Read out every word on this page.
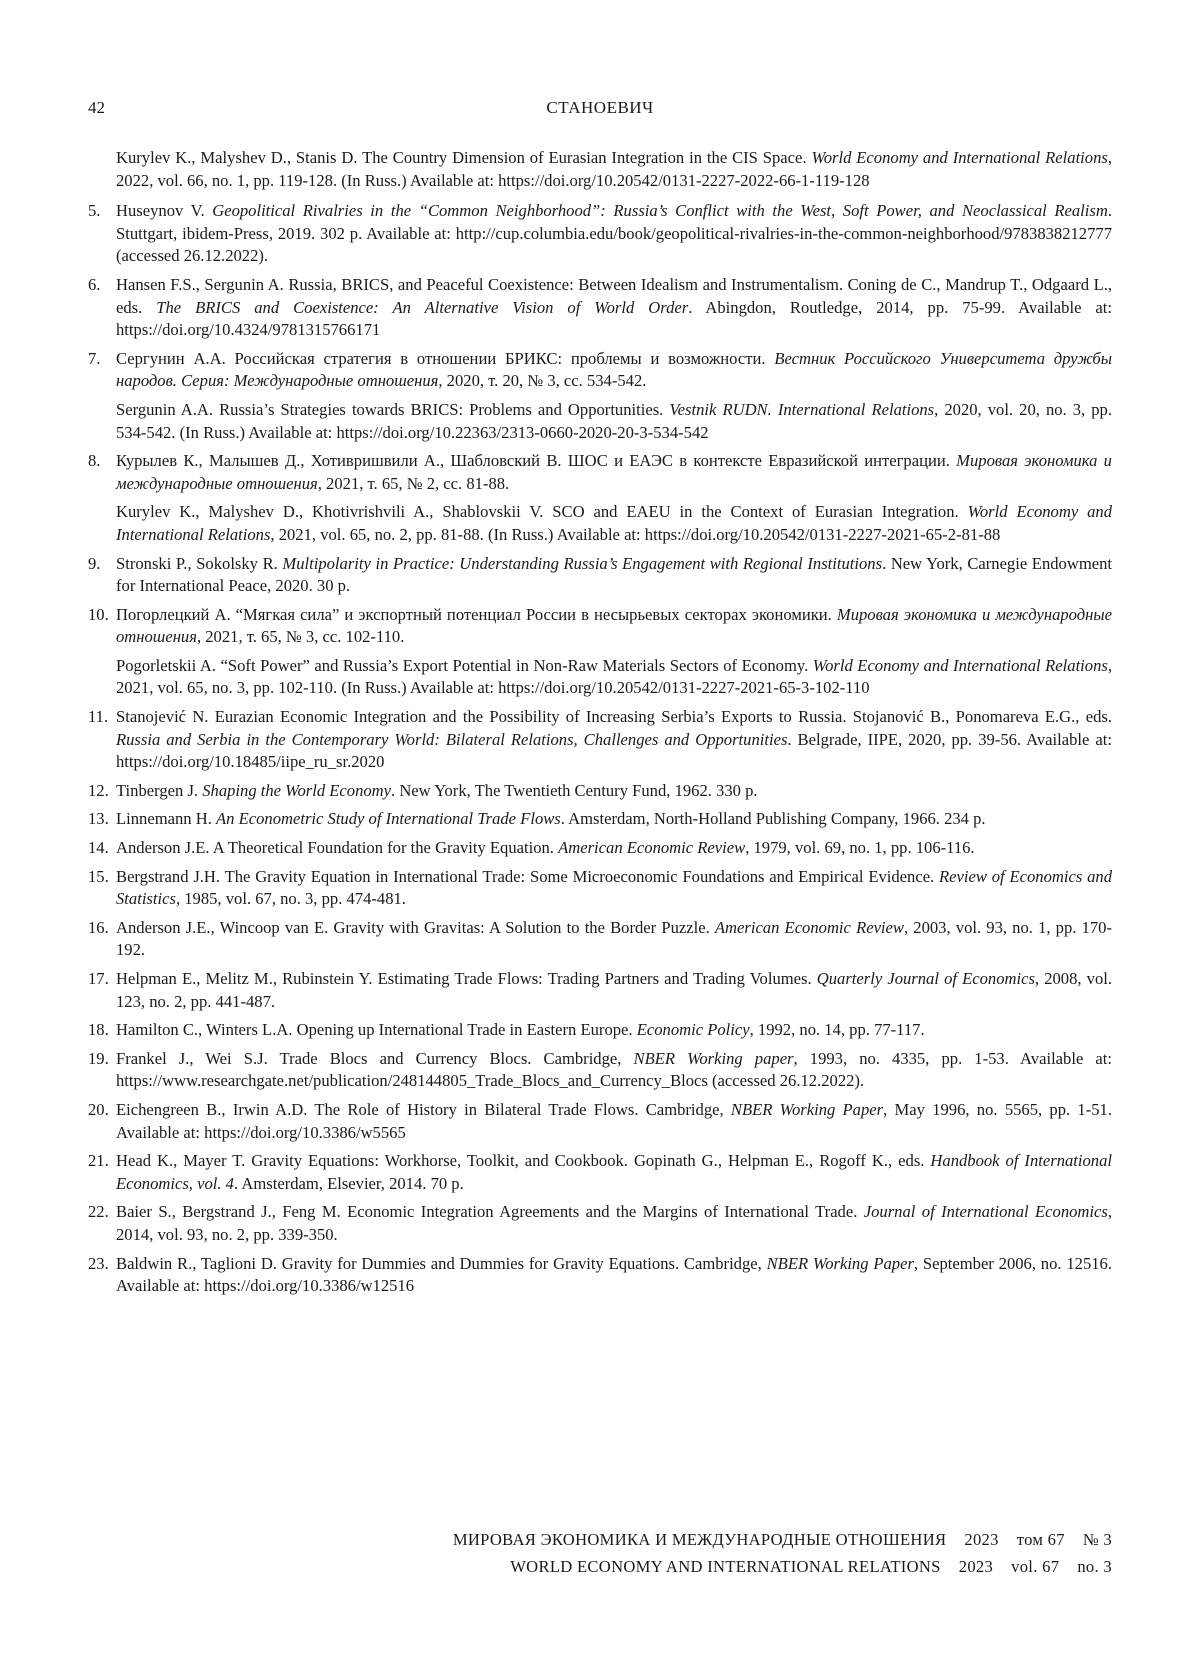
42	СТАНОЕВИЧ

Kurylev K., Malyshev D., Stanis D. The Country Dimension of Eurasian Integration in the CIS Space. World Economy and International Relations, 2022, vol. 66, no. 1, pp. 119-128. (In Russ.) Available at: https://doi.org/10.20542/0131-2227-2022-66-1-119-128

5. Huseynov V. Geopolitical Rivalries in the “Common Neighborhood”: Russia’s Conflict with the West, Soft Power, and Neoclassical Realism. Stuttgart, ibidem-Press, 2019. 302 p. Available at: http://cup.columbia.edu/book/geopolitical-rivalries-in-the-common-neighborhood/9783838212777 (accessed 26.12.2022).

6. Hansen F.S., Sergunin A. Russia, BRICS, and Peaceful Coexistence: Between Idealism and Instrumentalism. Coning de C., Mandrup T., Odgaard L., eds. The BRICS and Coexistence: An Alternative Vision of World Order. Abingdon, Routledge, 2014, pp. 75-99. Available at: https://doi.org/10.4324/9781315766171

7. Сергунин А.А. Российская стратегия в отношении БРИКС: проблемы и возможности. Вестник Российского Университета дружбы народов. Серия: Международные отношения, 2020, т. 20, № 3, сс. 534-542.

Sergunin A.A. Russia’s Strategies towards BRICS: Problems and Opportunities. Vestnik RUDN. International Relations, 2020, vol. 20, no. 3, pp. 534-542. (In Russ.) Available at: https://doi.org/10.22363/2313-0660-2020-20-3-534-542

8. Курылев К., Малышев Д., Хотивришвили А., Шабловский В. ШОС и ЕАЭС в контексте Евразийской интеграции. Мировая экономика и международные отношения, 2021, т. 65, № 2, сс. 81-88.

Kurylev K., Malyshev D., Khotivrishvili A., Shablovskii V. SCO and EAEU in the Context of Eurasian Integration. World Economy and International Relations, 2021, vol. 65, no. 2, pp. 81-88. (In Russ.) Available at: https://doi.org/10.20542/0131-2227-2021-65-2-81-88

9. Stronski P., Sokolsky R. Multipolarity in Practice: Understanding Russia’s Engagement with Regional Institutions. New York, Carnegie Endowment for International Peace, 2020. 30 p.

10. Погорлецкий А. “Мягкая сила” и экспортный потенциал России в несырьевых секторах экономики. Мировая экономика и международные отношения, 2021, т. 65, № 3, сс. 102-110.

Pogorletskii A. “Soft Power” and Russia’s Export Potential in Non-Raw Materials Sectors of Economy. World Economy and International Relations, 2021, vol. 65, no. 3, pp. 102-110. (In Russ.) Available at: https://doi.org/10.20542/0131-2227-2021-65-3-102-110

11. Stanojević N. Eurazian Economic Integration and the Possibility of Increasing Serbia’s Exports to Russia. Stojanović B., Ponomareva E.G., eds. Russia and Serbia in the Contemporary World: Bilateral Relations, Challenges and Opportunities. Belgrade, IIPE, 2020, pp. 39-56. Available at: https://doi.org/10.18485/iipe_ru_sr.2020

12. Tinbergen J. Shaping the World Economy. New York, The Twentieth Century Fund, 1962. 330 p.

13. Linnemann H. An Econometric Study of International Trade Flows. Amsterdam, North-Holland Publishing Company, 1966. 234 p.

14. Anderson J.E. A Theoretical Foundation for the Gravity Equation. American Economic Review, 1979, vol. 69, no. 1, pp. 106-116.

15. Bergstrand J.H. The Gravity Equation in International Trade: Some Microeconomic Foundations and Empirical Evidence. Review of Economics and Statistics, 1985, vol. 67, no. 3, pp. 474-481.

16. Anderson J.E., Wincoop van E. Gravity with Gravitas: A Solution to the Border Puzzle. American Economic Review, 2003, vol. 93, no. 1, pp. 170-192.

17. Helpman E., Melitz M., Rubinstein Y. Estimating Trade Flows: Trading Partners and Trading Volumes. Quarterly Journal of Economics, 2008, vol. 123, no. 2, pp. 441-487.

18. Hamilton C., Winters L.A. Opening up International Trade in Eastern Europe. Economic Policy, 1992, no. 14, pp. 77-117.

19. Frankel J., Wei S.J. Trade Blocs and Currency Blocs. Cambridge, NBER Working paper, 1993, no. 4335, pp. 1-53. Available at: https://www.researchgate.net/publication/248144805_Trade_Blocs_and_Currency_Blocs (accessed 26.12.2022).

20. Eichengreen B., Irwin A.D. The Role of History in Bilateral Trade Flows. Cambridge, NBER Working Paper, May 1996, no. 5565, pp. 1-51. Available at: https://doi.org/10.3386/w5565

21. Head K., Mayer T. Gravity Equations: Workhorse, Toolkit, and Cookbook. Gopinath G., Helpman E., Rogoff K., eds. Handbook of International Economics, vol. 4. Amsterdam, Elsevier, 2014. 70 p.

22. Baier S., Bergstrand J., Feng M. Economic Integration Agreements and the Margins of International Trade. Journal of International Economics, 2014, vol. 93, no. 2, pp. 339-350.

23. Baldwin R., Taglioni D. Gravity for Dummies and Dummies for Gravity Equations. Cambridge, NBER Working Paper, September 2006, no. 12516. Available at: https://doi.org/10.3386/w12516

МИРОВАЯ ЭКОНОМИКА И МЕЖДУНАРОДНЫЕ ОТНОШЕНИЯ 2023 том 67 № 3
WORLD ECONOMY AND INTERNATIONAL RELATIONS 2023 vol. 67 no. 3
